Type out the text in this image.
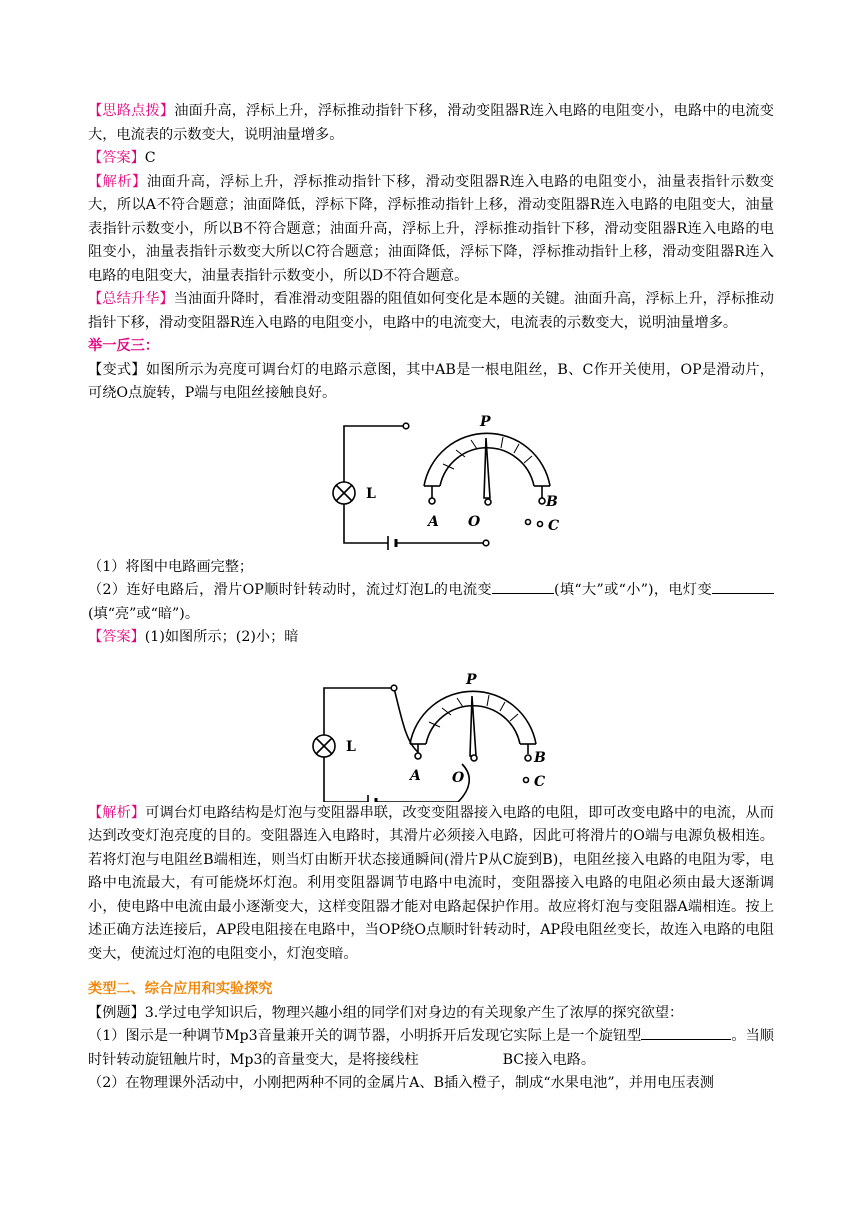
【思路点拨】油面升高，浮标上升，浮标推动指针下移，滑动变阻器R连入电路的电阻变小，电路中的电流变大，电流表的示数变大，说明油量增多。

【答案】C

【解析】油面升高，浮标上升，浮标推动指针下移，滑动变阻器R连入电路的电阻变小，油量表指针示数变大，所以A不符合题意；油面降低，浮标下降，浮标推动指针上移，滑动变阻器R连入电路的电阻变大，油量表指针示数变小，所以B不符合题意；油面升高，浮标上升，浮标推动指针下移，滑动变阻器R连入电路的电阻变小，油量表指针示数变大所以C符合题意；油面降低，浮标下降，浮标推动指针上移，滑动变阻器R连入电路的电阻变大，油量表指针示数变小，所以D不符合题意。

【总结升华】当油面升降时，看准滑动变阻器的阻值如何变化是本题的关键。油面升高，浮标上升，浮标推动指针下移，滑动变阻器R连入电路的电阻变小，电路中的电流变大，电流表的示数变大，说明油量增多。

举一反三：

【变式】如图所示为亮度可调台灯的电路示意图，其中AB是一根电阻丝，B、C作开关使用，OP是滑动片，可绕O点旋转，P端与电阻丝接触良好。

P
L
A O
B
C

（1）将图中电路画完整；

（2）连好电路后，滑片OP顺时针转动时，流过灯泡L的电流变	(填“大”或“小”)，电灯变(填“亮”或“暗”)。

【答案】(1)如图所示；(2)小；暗

P
L
A O
B
C

【解析】可调台灯电路结构是灯泡与变阻器串联，改变变阻器接入电路的电阻，即可改变电路中的电流，从而达到改变灯泡亮度的目的。变阻器连入电路时，其滑片必须接入电路，因此可将滑片的O端与电源负极相连。若将灯泡与电阻丝B端相连，则当灯由断开状态接通瞬间(滑片P从C旋到B)，电阻丝接入电路的电阻为零，电路中电流最大，有可能烧坏灯泡。利用变阻器调节电路中电流时，变阻器接入电路的电阻必须由最大逐渐调小，使电路中电流由最小逐渐变大，这样变阻器才能对电路起保护作用。故应将灯泡与变阻器A端相连。按上述正确方法连接后，AP段电阻接在电路中，当OP绕O点顺时针转动时，AP段电阻丝变长，故连入电路的电阻变大，使流过灯泡的电阻变小，灯泡变暗。

类型二、综合应用和实验探究

【例题】3.学过电学知识后，物理兴趣小组的同学们对身边的有关现象产生了浓厚的探究欲望：

（1）图示是一种调节Mp3音量兼开关的调节器，小明拆开后发现它实际上是一个旋钮型	。当顺时针转动旋钮触片时，Mp3的音量变大，是将接线柱	BC接入电路。

（2）在物理课外活动中，小刚把两种不同的金属片A、B插入橙子，制成“水果电池”，并用电压表测
